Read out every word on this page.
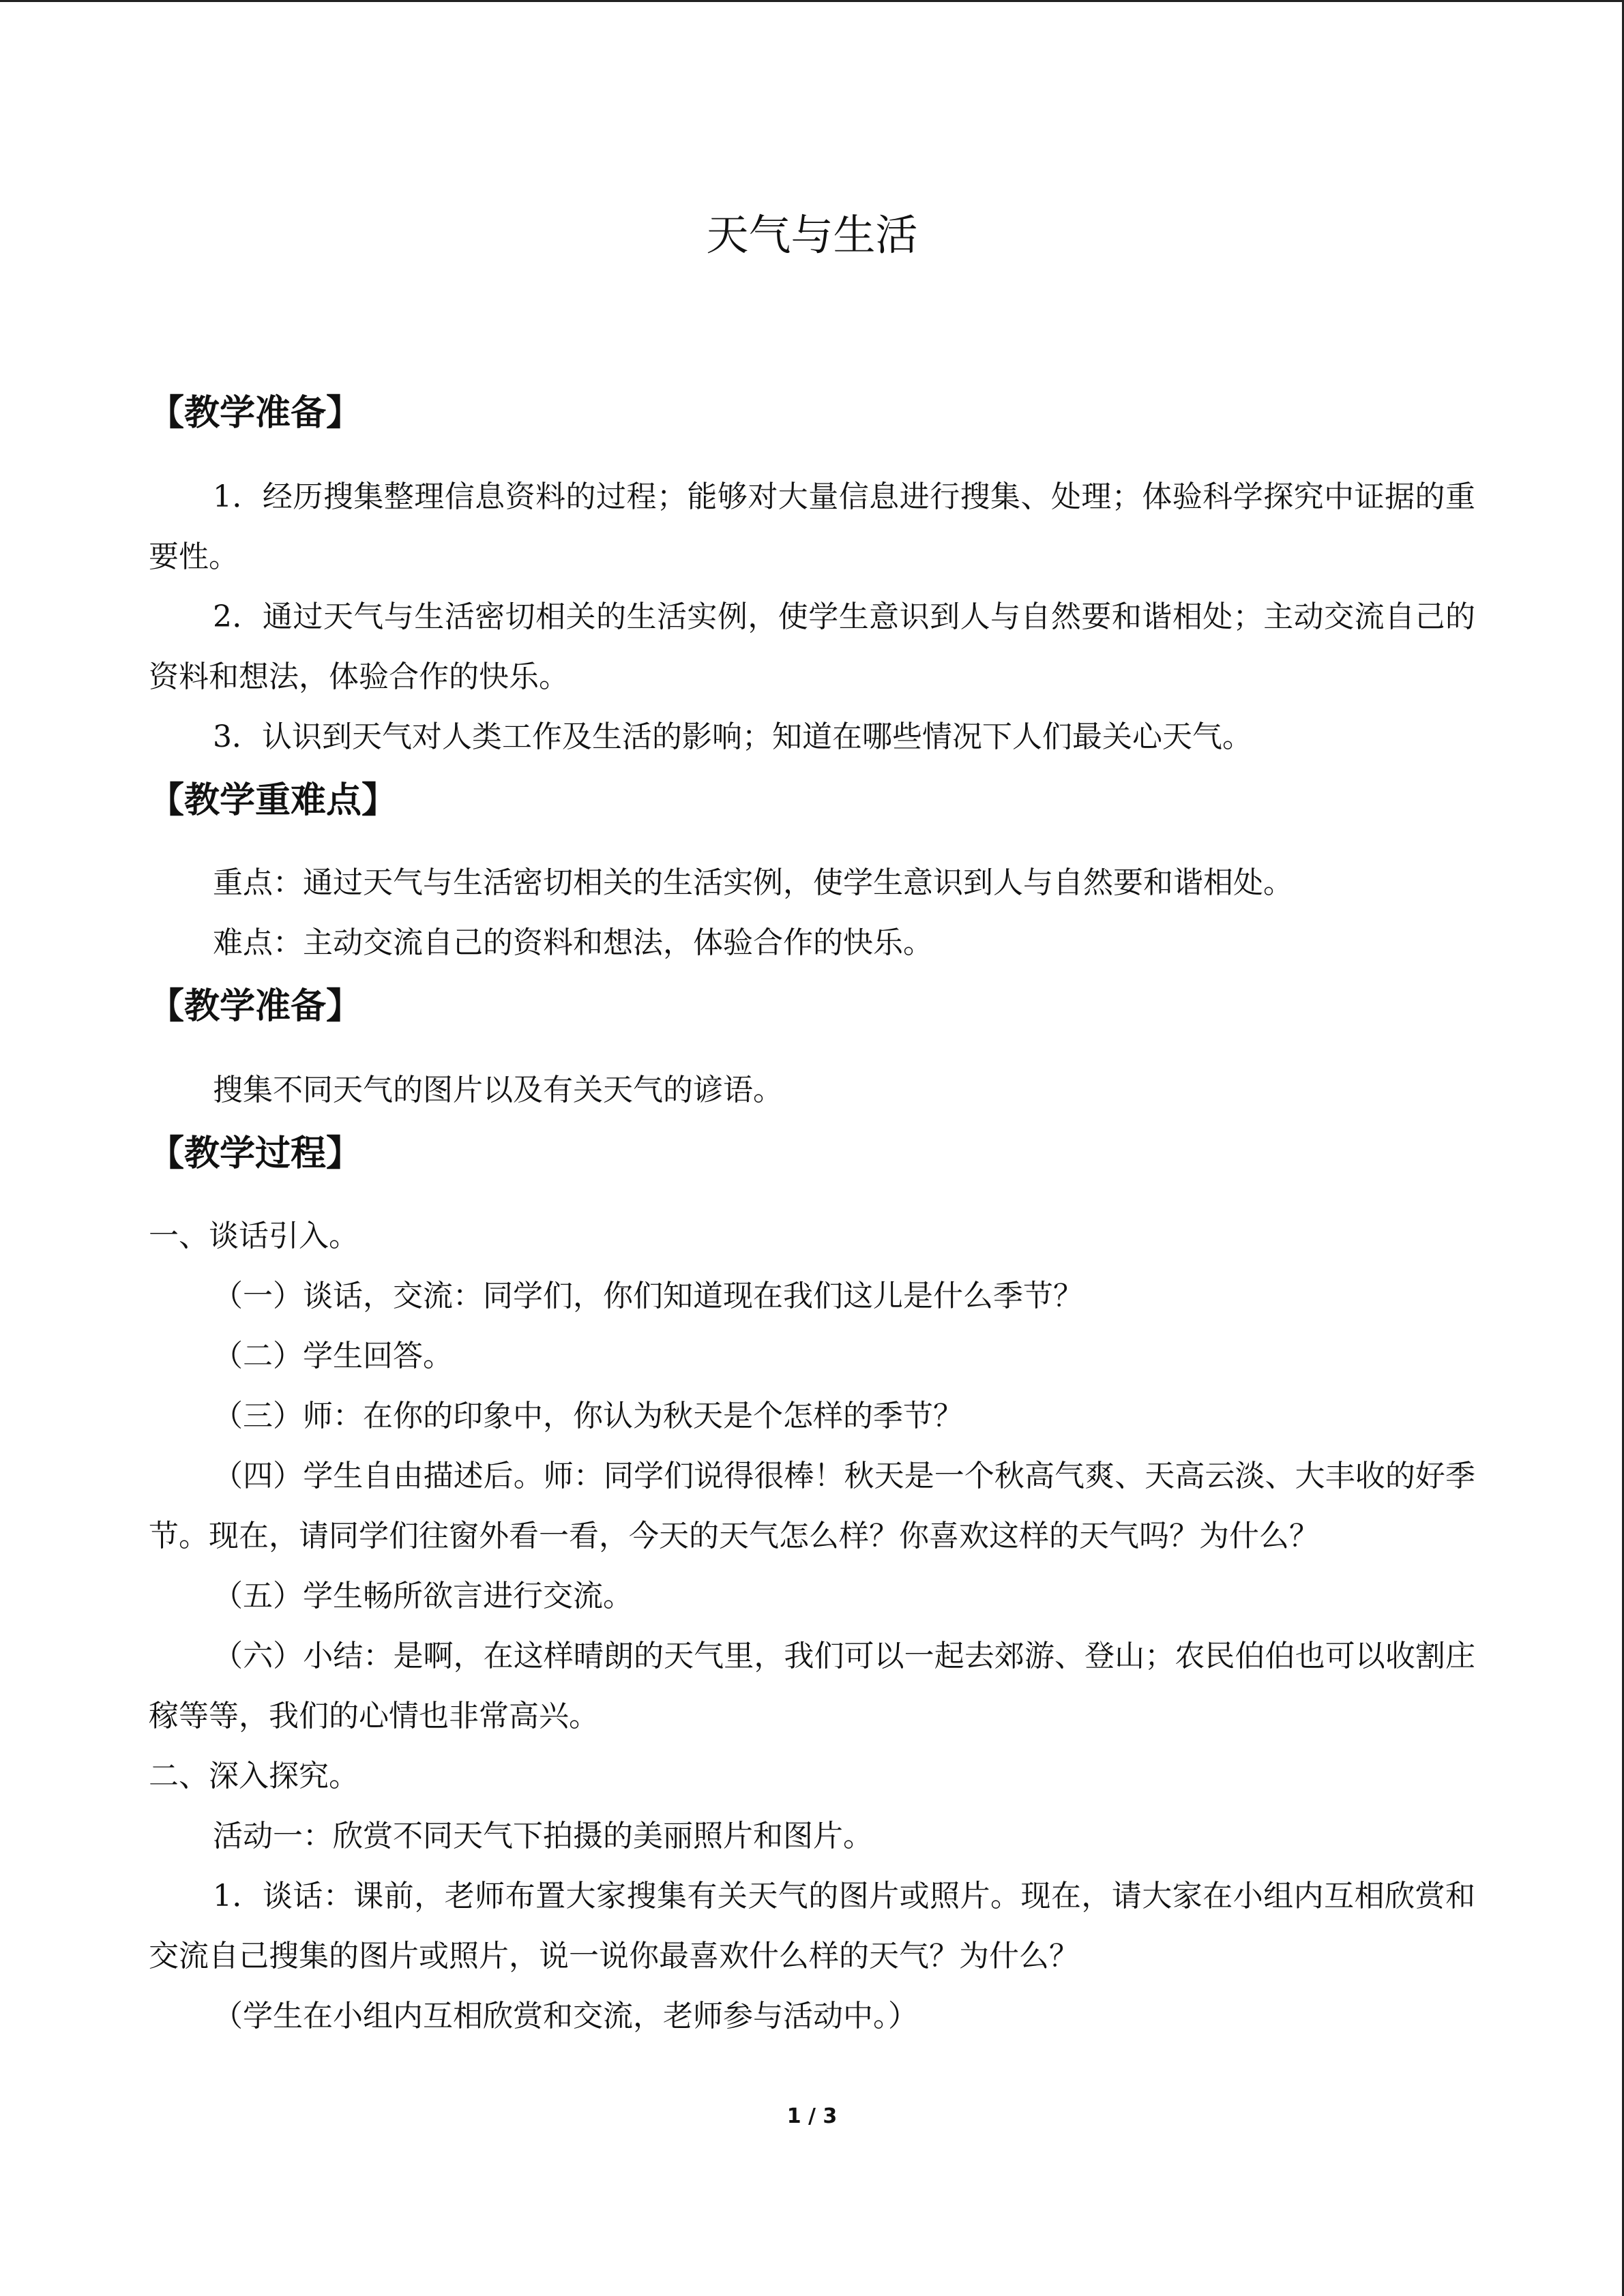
天气与生活

【教学准备】

1．经历搜集整理信息资料的过程；能够对大量信息进行搜集、处理；体验科学探究中证据的重要性。

2．通过天气与生活密切相关的生活实例，使学生意识到人与自然要和谐相处；主动交流自己的资料和想法，体验合作的快乐。

3．认识到天气对人类工作及生活的影响；知道在哪些情况下人们最关心天气。

【教学重难点】

重点：通过天气与生活密切相关的生活实例，使学生意识到人与自然要和谐相处。

难点：主动交流自己的资料和想法，体验合作的快乐。

【教学准备】

搜集不同天气的图片以及有关天气的谚语。

【教学过程】

一、谈话引入。

（一）谈话，交流：同学们，你们知道现在我们这儿是什么季节？

（二）学生回答。

（三）师：在你的印象中，你认为秋天是个怎样的季节？

（四）学生自由描述后。师：同学们说得很棒！秋天是一个秋高气爽、天高云淡、大丰收的好季节。现在，请同学们往窗外看一看，今天的天气怎么样？你喜欢这样的天气吗？为什么？

（五）学生畅所欲言进行交流。

（六）小结：是啊，在这样晴朗的天气里，我们可以一起去郊游、登山；农民伯伯也可以收割庄稼等等，我们的心情也非常高兴。

二、深入探究。

活动一：欣赏不同天气下拍摄的美丽照片和图片。

1．谈话：课前，老师布置大家搜集有关天气的图片或照片。现在，请大家在小组内互相欣赏和交流自己搜集的图片或照片，说一说你最喜欢什么样的天气？为什么？

（学生在小组内互相欣赏和交流，老师参与活动中。）

1 / 3
